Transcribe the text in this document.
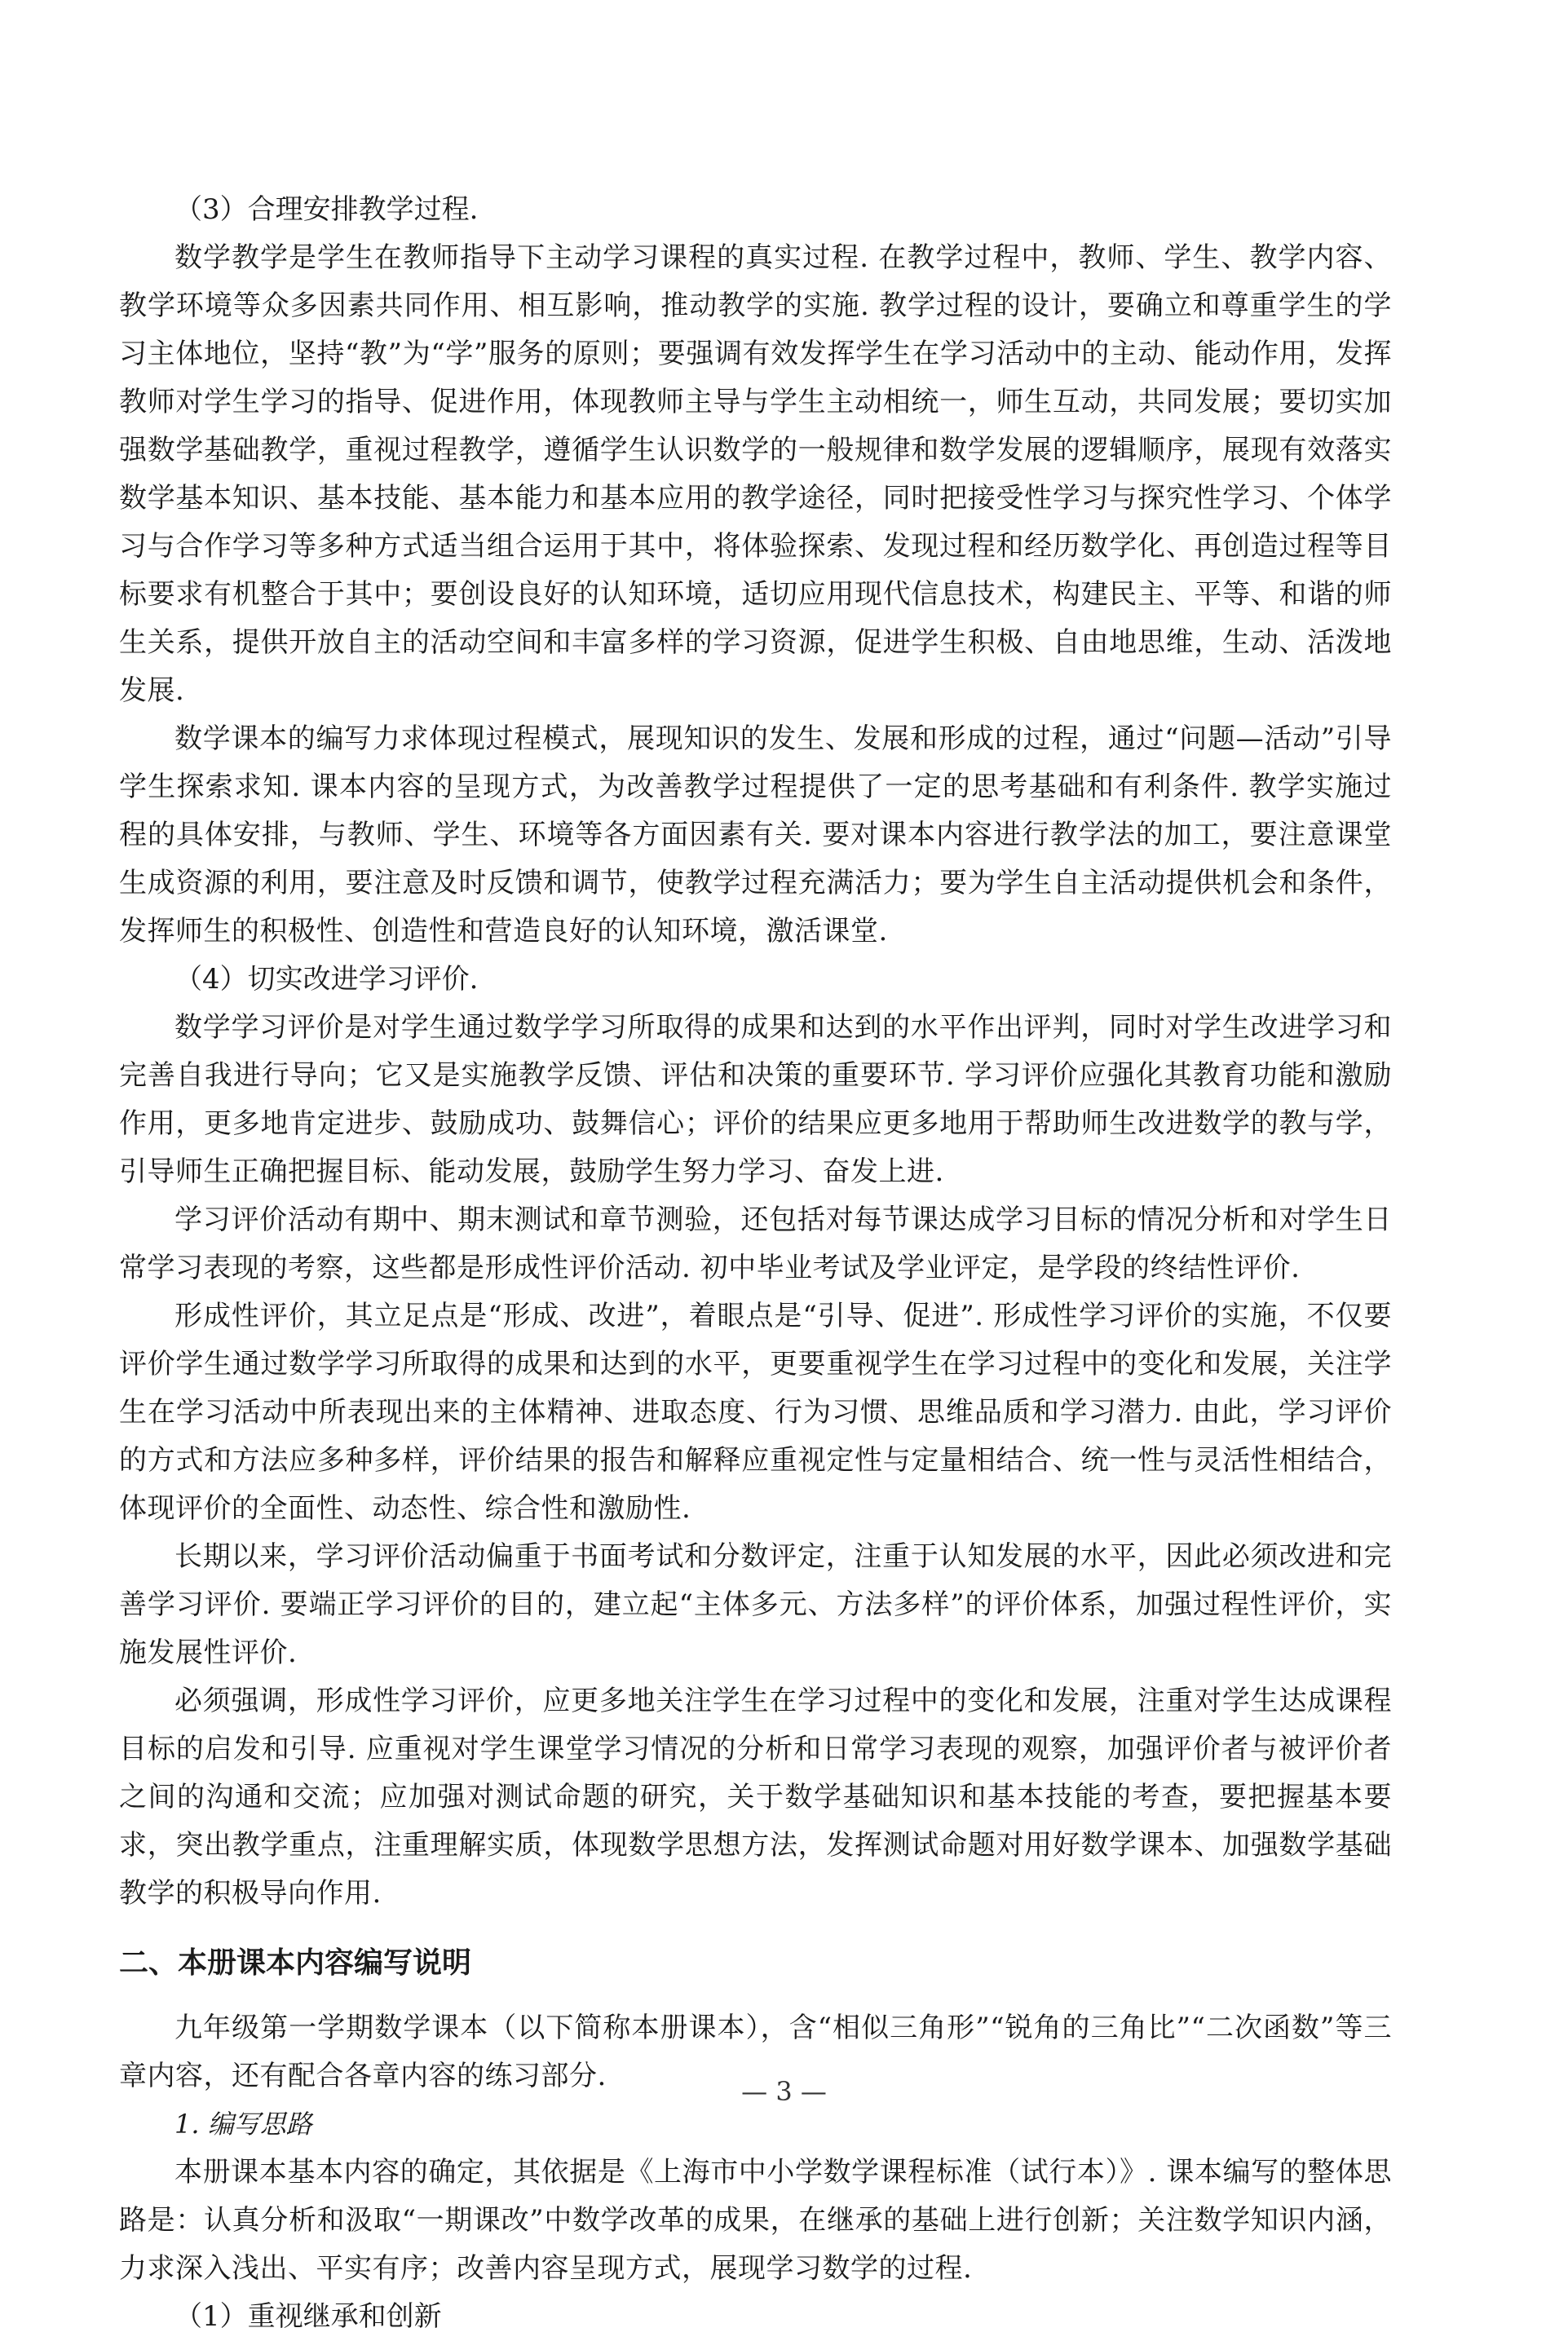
（3）合理安排教学过程.

数学教学是学生在教师指导下主动学习课程的真实过程. 在教学过程中，教师、学生、教学内容、教学环境等众多因素共同作用、相互影响，推动教学的实施. 教学过程的设计，要确立和尊重学生的学习主体地位，坚持“教”为“学”服务的原则；要强调有效发挥学生在学习活动中的主动、能动作用，发挥教师对学生学习的指导、促进作用，体现教师主导与学生主动相统一，师生互动，共同发展；要切实加强数学基础教学，重视过程教学，遵循学生认识数学的一般规律和数学发展的逻辑顺序，展现有效落实数学基本知识、基本技能、基本能力和基本应用的教学途径，同时把接受性学习与探究性学习、个体学习与合作学习等多种方式适当组合运用于其中，将体验探索、发现过程和经历数学化、再创造过程等目标要求有机整合于其中；要创设良好的认知环境，适切应用现代信息技术，构建民主、平等、和谐的师生关系，提供开放自主的活动空间和丰富多样的学习资源，促进学生积极、自由地思维，生动、活泼地发展.

数学课本的编写力求体现过程模式，展现知识的发生、发展和形成的过程，通过“问题—活动”引导学生探索求知. 课本内容的呈现方式，为改善教学过程提供了一定的思考基础和有利条件. 教学实施过程的具体安排，与教师、学生、环境等各方面因素有关. 要对课本内容进行教学法的加工，要注意课堂生成资源的利用，要注意及时反馈和调节，使教学过程充满活力；要为学生自主活动提供机会和条件，发挥师生的积极性、创造性和营造良好的认知环境，激活课堂.

（4）切实改进学习评价.

数学学习评价是对学生通过数学学习所取得的成果和达到的水平作出评判，同时对学生改进学习和完善自我进行导向；它又是实施教学反馈、评估和决策的重要环节. 学习评价应强化其教育功能和激励作用，更多地肯定进步、鼓励成功、鼓舞信心；评价的结果应更多地用于帮助师生改进数学的教与学，引导师生正确把握目标、能动发展，鼓励学生努力学习、奋发上进.

学习评价活动有期中、期末测试和章节测验，还包括对每节课达成学习目标的情况分析和对学生日常学习表现的考察，这些都是形成性评价活动. 初中毕业考试及学业评定，是学段的终结性评价.

形成性评价，其立足点是“形成、改进”，着眼点是“引导、促进”. 形成性学习评价的实施，不仅要评价学生通过数学学习所取得的成果和达到的水平，更要重视学生在学习过程中的变化和发展，关注学生在学习活动中所表现出来的主体精神、进取态度、行为习惯、思维品质和学习潜力. 由此，学习评价的方式和方法应多种多样，评价结果的报告和解释应重视定性与定量相结合、统一性与灵活性相结合，体现评价的全面性、动态性、综合性和激励性.

长期以来，学习评价活动偏重于书面考试和分数评定，注重于认知发展的水平，因此必须改进和完善学习评价. 要端正学习评价的目的，建立起“主体多元、方法多样”的评价体系，加强过程性评价，实施发展性评价.

必须强调，形成性学习评价，应更多地关注学生在学习过程中的变化和发展，注重对学生达成课程目标的启发和引导. 应重视对学生课堂学习情况的分析和日常学习表现的观察，加强评价者与被评价者之间的沟通和交流；应加强对测试命题的研究，关于数学基础知识和基本技能的考查，要把握基本要求，突出教学重点，注重理解实质，体现数学思想方法，发挥测试命题对用好数学课本、加强数学基础教学的积极导向作用.

二、本册课本内容编写说明

九年级第一学期数学课本（以下简称本册课本），含“相似三角形”“锐角的三角比”“二次函数”等三章内容，还有配合各章内容的练习部分.

1. 编写思路

本册课本基本内容的确定，其依据是《上海市中小学数学课程标准（试行本）》. 课本编写的整体思路是：认真分析和汲取“一期课改”中数学改革的成果，在继承的基础上进行创新；关注数学知识内涵，力求深入浅出、平实有序；改善内容呈现方式，展现学习数学的过程.

（1）重视继承和创新

— 3 —
